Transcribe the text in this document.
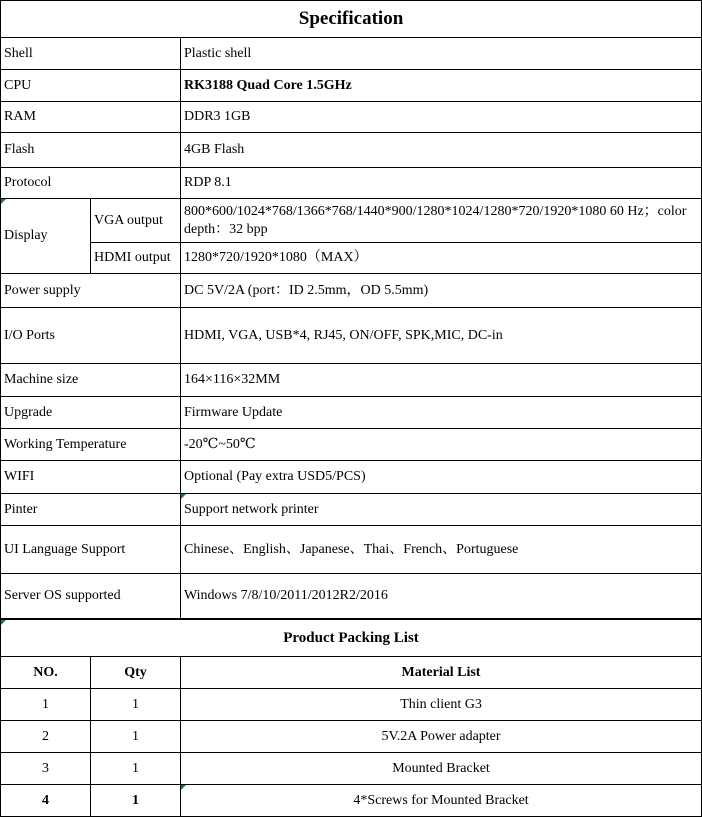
Specification		
Shell		Plastic shell
CPU		RK3188 Quad Core 1.5GHz
RAM		DDR3 1GB
Flash		4GB Flash
Protocol		RDP 8.1
Display	VGA output	800*600/1024*768/1366*768/1440*900/1280*1024/1280*720/1920*1080 60 Hz；color depth：32 bpp
	HDMI output	1280*720/1920*1080（MAX）
Power supply		DC 5V/2A (port：ID 2.5mm，OD 5.5mm)
I/O Ports		HDMI, VGA, USB*4, RJ45, ON/OFF, SPK,MIC, DC-in
Machine size		164×116×32MM
Upgrade		Firmware Update
Working Temperature		-20℃~50℃
WIFI		Optional (Pay extra USD5/PCS)
Pinter		Support network printer
UI Language Support		Chinese、English、Japanese、Thai、French、Portuguese
Server OS supported		Windows 7/8/10/2011/2012R2/2016
Product Packing List		
NO.	Qty	Material List
1	1	Thin client G3
2	1	5V.2A Power adapter
3	1	Mounted Bracket
4	1	4*Screws for Mounted Bracket
